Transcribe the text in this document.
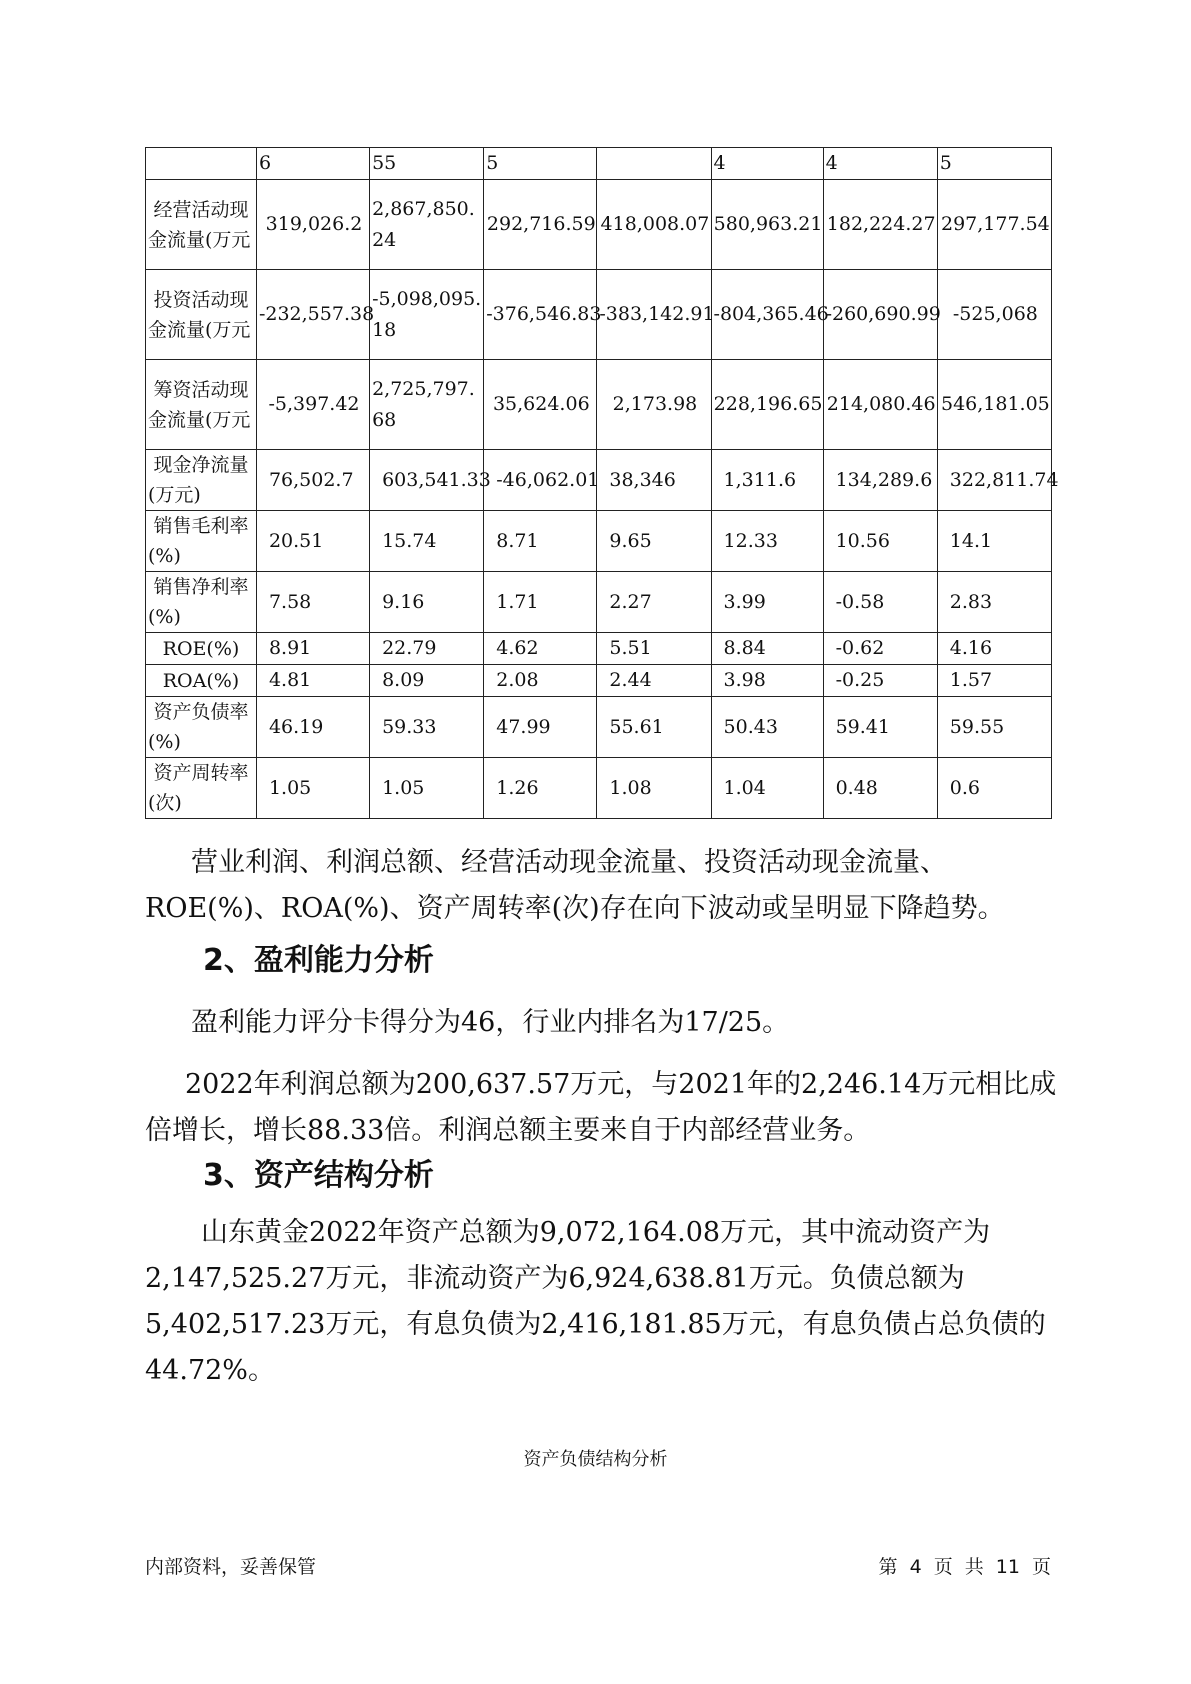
	6	55	5		4	4	5

经营活动现
金流量(万元	319,026.2	2,867,850.24	292,716.59	418,008.07	580,963.21	182,224.27	297,177.54

投资活动现
金流量(万元	-232,557.38	-5,098,095.18	-376,546.83	-383,142.91	-804,365.46	-260,690.99	-525,068

筹资活动现
金流量(万元	-5,397.42	2,725,797.68	35,624.06	2,173.98	228,196.65	214,080.46	546,181.05

现金净流量
(万元)	76,502.7	603,541.33	-46,062.01	38,346	1,311.6	134,289.6	322,811.74

销售毛利率
(%)	20.51	15.74	8.71	9.65	12.33	10.56	14.1

销售净利率
(%)	7.58	9.16	1.71	2.27	3.99	-0.58	2.83

ROE(%)	8.91	22.79	4.62	5.51	8.84	-0.62	4.16

ROA(%)	4.81	8.09	2.08	2.44	3.98	-0.25	1.57

资产负债率
(%)	46.19	59.33	47.99	55.61	50.43	59.41	59.55

资产周转率
(次)	1.05	1.05	1.26	1.08	1.04	0.48	0.6
营业利润、利润总额、经营活动现金流量、投资活动现金流量、
ROE(%)、ROA(%)、资产周转率(次)存在向下波动或呈明显下降趋势。
2、盈利能力分析
盈利能力评分卡得分为46，行业内排名为17/25。
2022年利润总额为200,637.57万元，与2021年的2,246.14万元相比成
倍增长，增长88.33倍。利润总额主要来自于内部经营业务。
3、资产结构分析
山东黄金2022年资产总额为9,072,164.08万元，其中流动资产为
2,147,525.27万元，非流动资产为6,924,638.81万元。负债总额为
5,402,517.23万元，有息负债为2,416,181.85万元，有息负债占总负债的
44.72%。
资产负债结构分析
内部资料，妥善保管	第 4 页 共 11 页
